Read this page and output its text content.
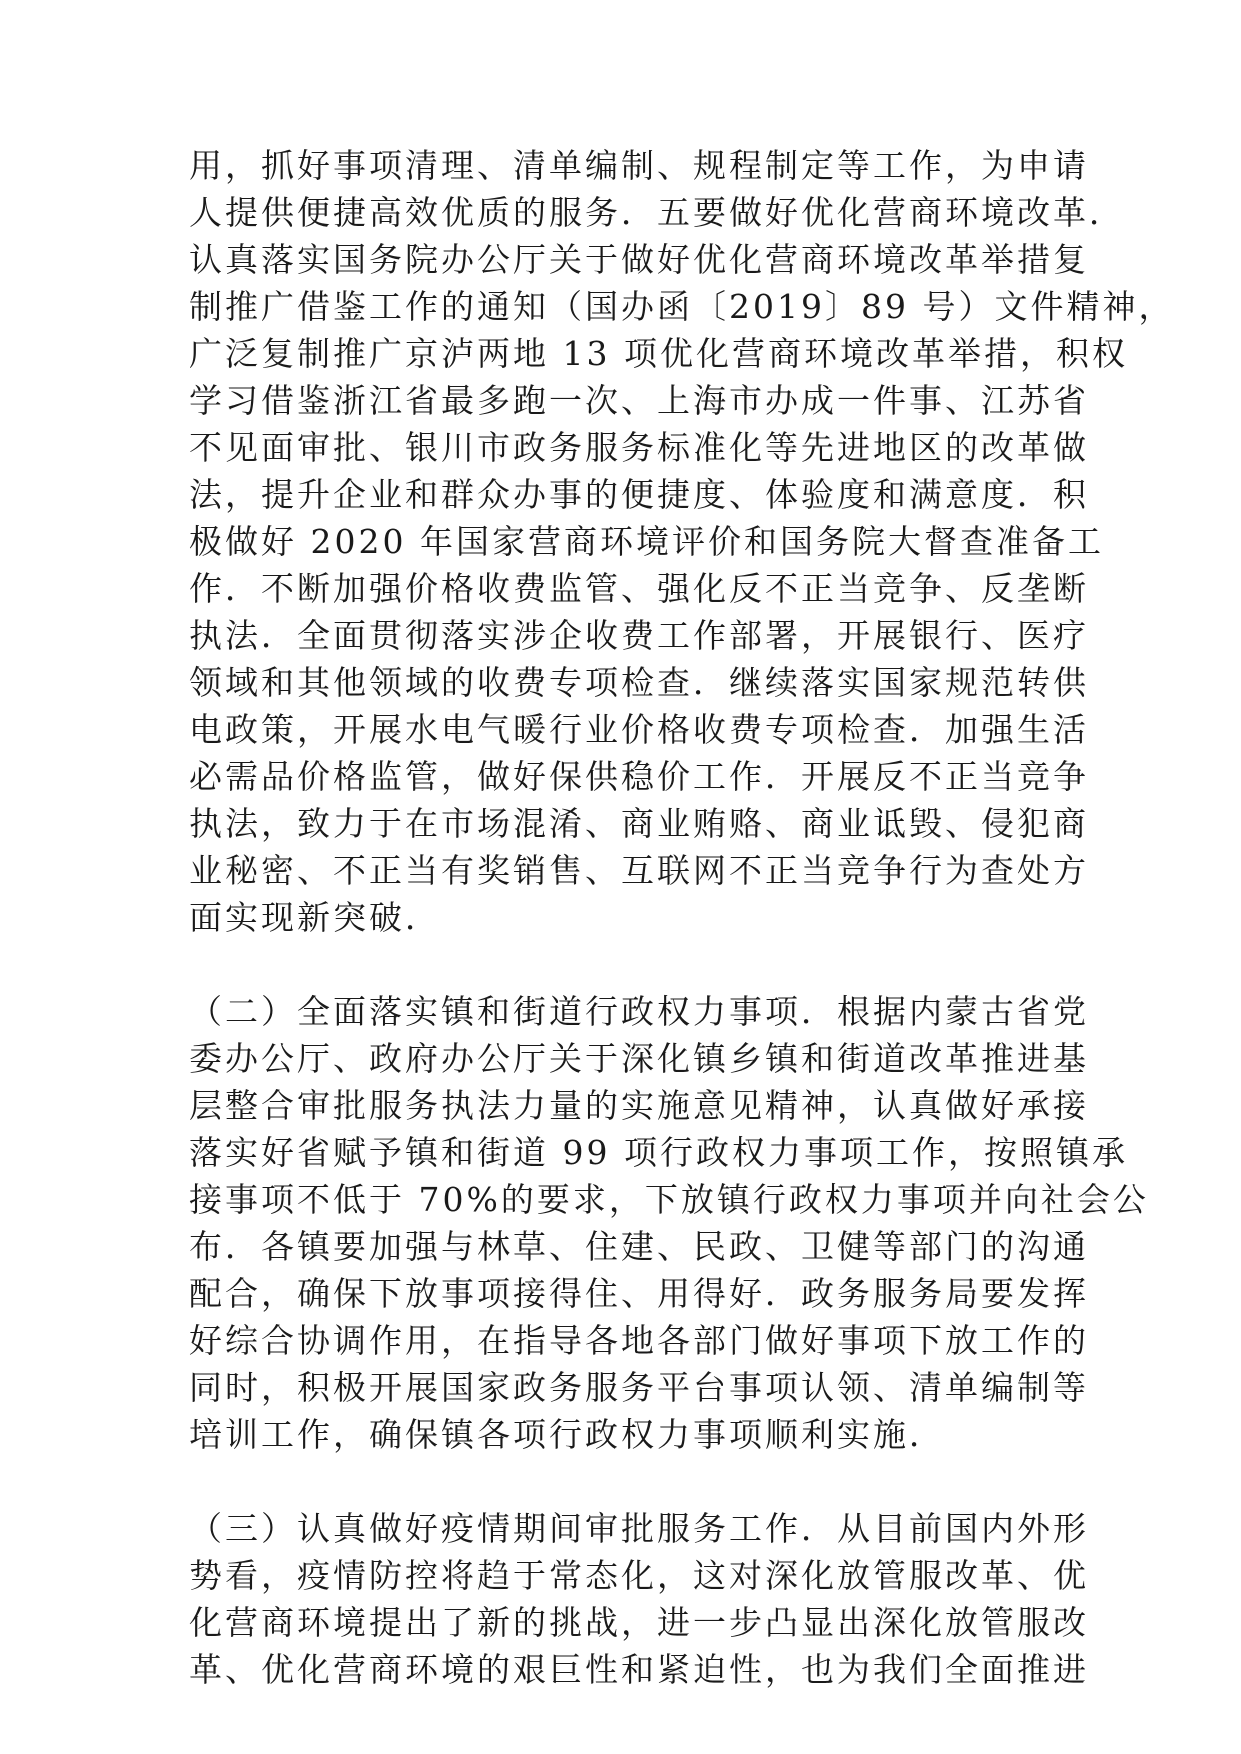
用，抓好事项清理、清单编制、规程制定等工作，为申请
人提供便捷高效优质的服务．五要做好优化营商环境改革．
认真落实国务院办公厅关于做好优化营商环境改革举措复
制推广借鉴工作的通知（国办函〔2019〕89 号）文件精神，
广泛复制推广京泸两地 13 项优化营商环境改革举措，积权
学习借鉴浙江省最多跑一次、上海市办成一件事、江苏省
不见面审批、银川市政务服务标准化等先进地区的改革做
法，提升企业和群众办事的便捷度、体验度和满意度．积
极做好 2020 年国家营商环境评价和国务院大督查准备工
作．不断加强价格收费监管、强化反不正当竞争、反垄断
执法．全面贯彻落实涉企收费工作部署，开展银行、医疗
领域和其他领域的收费专项检查．继续落实国家规范转供
电政策，开展水电气暖行业价格收费专项检查．加强生活
必需品价格监管，做好保供稳价工作．开展反不正当竞争
执法，致力于在市场混淆、商业贿赂、商业诋毁、侵犯商
业秘密、不正当有奖销售、互联网不正当竞争行为查处方
面实现新突破．
（二）全面落实镇和街道行政权力事项．根据内蒙古省党
委办公厅、政府办公厅关于深化镇乡镇和街道改革推进基
层整合审批服务执法力量的实施意见精神，认真做好承接
落实好省赋予镇和街道 99 项行政权力事项工作，按照镇承
接事项不低于 70%的要求，下放镇行政权力事项并向社会公
布．各镇要加强与林草、住建、民政、卫健等部门的沟通
配合，确保下放事项接得住、用得好．政务服务局要发挥
好综合协调作用，在指导各地各部门做好事项下放工作的
同时，积极开展国家政务服务平台事项认领、清单编制等
培训工作，确保镇各项行政权力事项顺利实施．
（三）认真做好疫情期间审批服务工作．从目前国内外形
势看，疫情防控将趋于常态化，这对深化放管服改革、优
化营商环境提出了新的挑战，进一步凸显出深化放管服改
革、优化营商环境的艰巨性和紧迫性，也为我们全面推进
